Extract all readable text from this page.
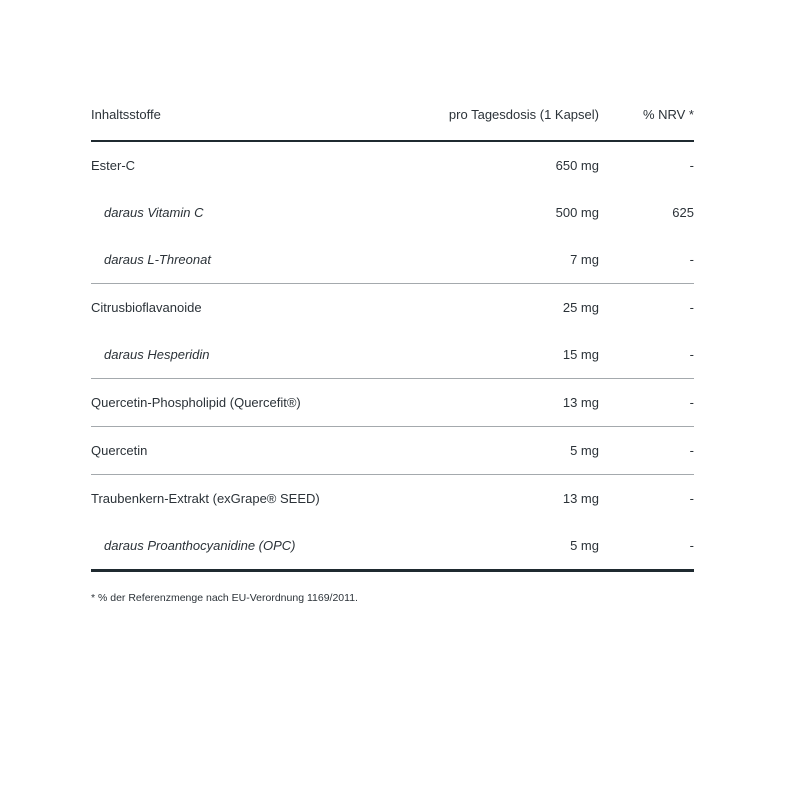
Inhaltsstoffe	pro Tagesdosis (1 Kapsel)	% NRV *
Ester-C	650 mg	-
daraus Vitamin C	500 mg	625
daraus L-Threonat	7 mg	-
Citrusbioflavanoide	25 mg	-
daraus Hesperidin	15 mg	-
Quercetin-Phospholipid (Quercefit®)	13 mg	-
Quercetin	5 mg	-
Traubenkern-Extrakt (exGrape® SEED)	13 mg	-
daraus Proanthocyanidine (OPC)	5 mg	-
* % der Referenzmenge nach EU-Verordnung 1169/2011.
